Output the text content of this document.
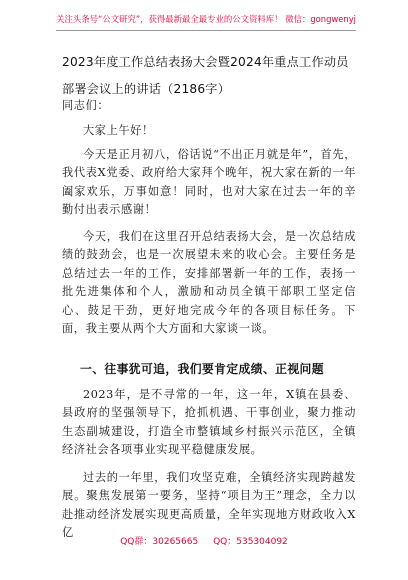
关注头条号“公文研究”，获得最新最全最专业的公文资料库！ 微信：gongwenyj
2023年度工作总结表扬大会暨2024年重点工作动员部署会议上的讲话（2186字）
同志们：
大家上午好！
今天是正月初八，俗话说“不出正月就是年”，首先，我代表X党委、政府给大家拜个晚年，祝大家在新的一年阖家欢乐，万事如意！同时，也对大家在过去一年的辛勤付出表示感谢！
今天，我们在这里召开总结表扬大会，是一次总结成绩的鼓劲会，也是一次展望未来的收心会。主要任务是总结过去一年的工作，安排部署新一年的工作，表扬一批先进集体和个人，激励和动员全镇干部职工坚定信心、鼓足干劲，更好地完成今年的各项目标任务。下面，我主要从两个大方面和大家谈一谈。
一、往事犹可追，我们要肯定成绩、正视问题
2023年，是不寻常的一年，这一年，X镇在县委、县政府的坚强领导下，抢抓机遇、干事创业，聚力推动生态副城建设，打造全市整镇域乡村振兴示范区，全镇经济社会各项事业实现平稳健康发展。
过去的一年里，我们攻坚克难，全镇经济实现跨越发展。聚焦发展第一要务，坚持“项目为王”理念，全力以赴推动经济发展实现更高质量，全年实现地方财政收入X亿
QQ群：30265665 QQ：535304092
